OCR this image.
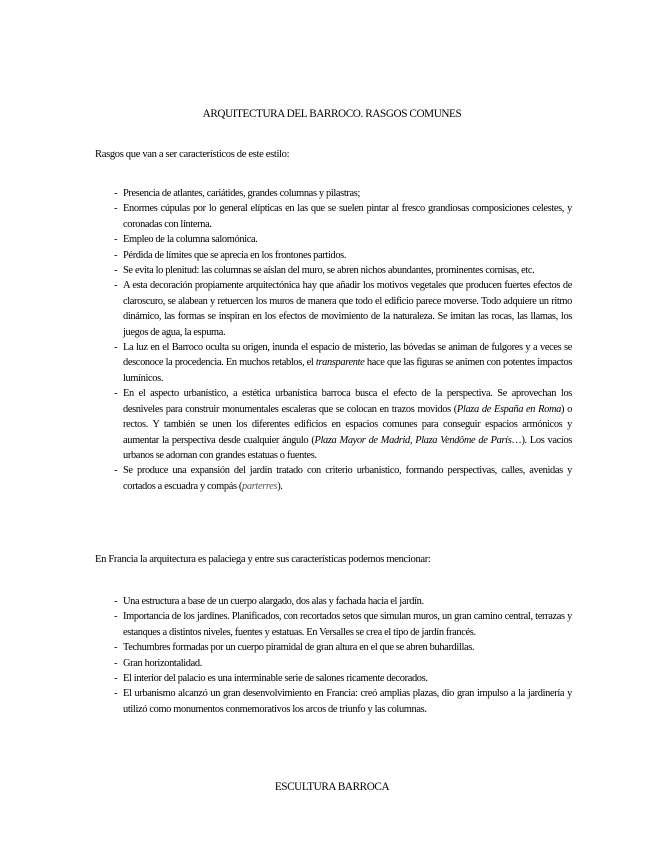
ARQUITECTURA DEL BARROCO. RASGOS COMUNES
Rasgos que van a ser característicos de este estilo:
- Presencia de atlantes, cariátides, grandes columnas y pilastras;
- Enormes cúpulas por lo general elípticas en las que se suelen pintar al fresco grandiosas composiciones celestes, y coronadas con linterna.
- Empleo de la columna salomónica.
- Pérdida de límites que se aprecia en los frontones partidos.
- Se evita lo plenitud: las columnas se aíslan del muro, se abren nichos abundantes, prominentes cornisas, etc.
- A esta decoración propiamente arquitectónica hay que añadir los motivos vegetales que producen fuertes efectos de claroscuro, se alabean y retuercen los muros de manera que todo el edificio parece moverse. Todo adquiere un ritmo dinámico, las formas se inspiran en los efectos de movimiento de la naturaleza. Se imitan las rocas, las llamas, los juegos de agua, la espuma.
- La luz en el Barroco oculta su origen, inunda el espacio de misterio, las bóvedas se animan de fulgores y a veces se desconoce la procedencia. En muchos retablos, el transparente hace que las figuras se animen con potentes impactos lumínicos.
- En el aspecto urbanístico, a estética urbanística barroca busca el efecto de la perspectiva. Se aprovechan los desniveles para construir monumentales escaleras que se colocan en trazos movidos (Plaza de España en Roma) o rectos. Y también se unen los diferentes edificios en espacios comunes para conseguir espacios armónicos y aumentar la perspectiva desde cualquier ángulo (Plaza Mayor de Madrid, Plaza Vendôme de París…). Los vacíos urbanos se adornan con grandes estatuas o fuentes.
- Se produce una expansión del jardín tratado con criterio urbanístico, formando perspectivas, calles, avenidas y cortados a escuadra y compás (parterres).
En Francia la arquitectura es palaciega y entre sus características podemos mencionar:
- Una estructura a base de un cuerpo alargado, dos alas y fachada hacia el jardín.
- Importancia de los jardines. Planificados, con recortados setos que simulan muros, un gran camino central, terrazas y estanques a distintos niveles, fuentes y estatuas. En Versalles se crea el tipo de jardín francés.
- Techumbres formadas por un cuerpo piramidal de gran altura en el que se abren buhardillas.
- Gran horizontalidad.
- El interior del palacio es una interminable serie de salones ricamente decorados.
- El urbanismo alcanzó un gran desenvolvimiento en Francia: creó amplias plazas, dio gran impulso a la jardinería y utilizó como monumentos conmemorativos los arcos de triunfo y las columnas.
ESCULTURA BARROCA
